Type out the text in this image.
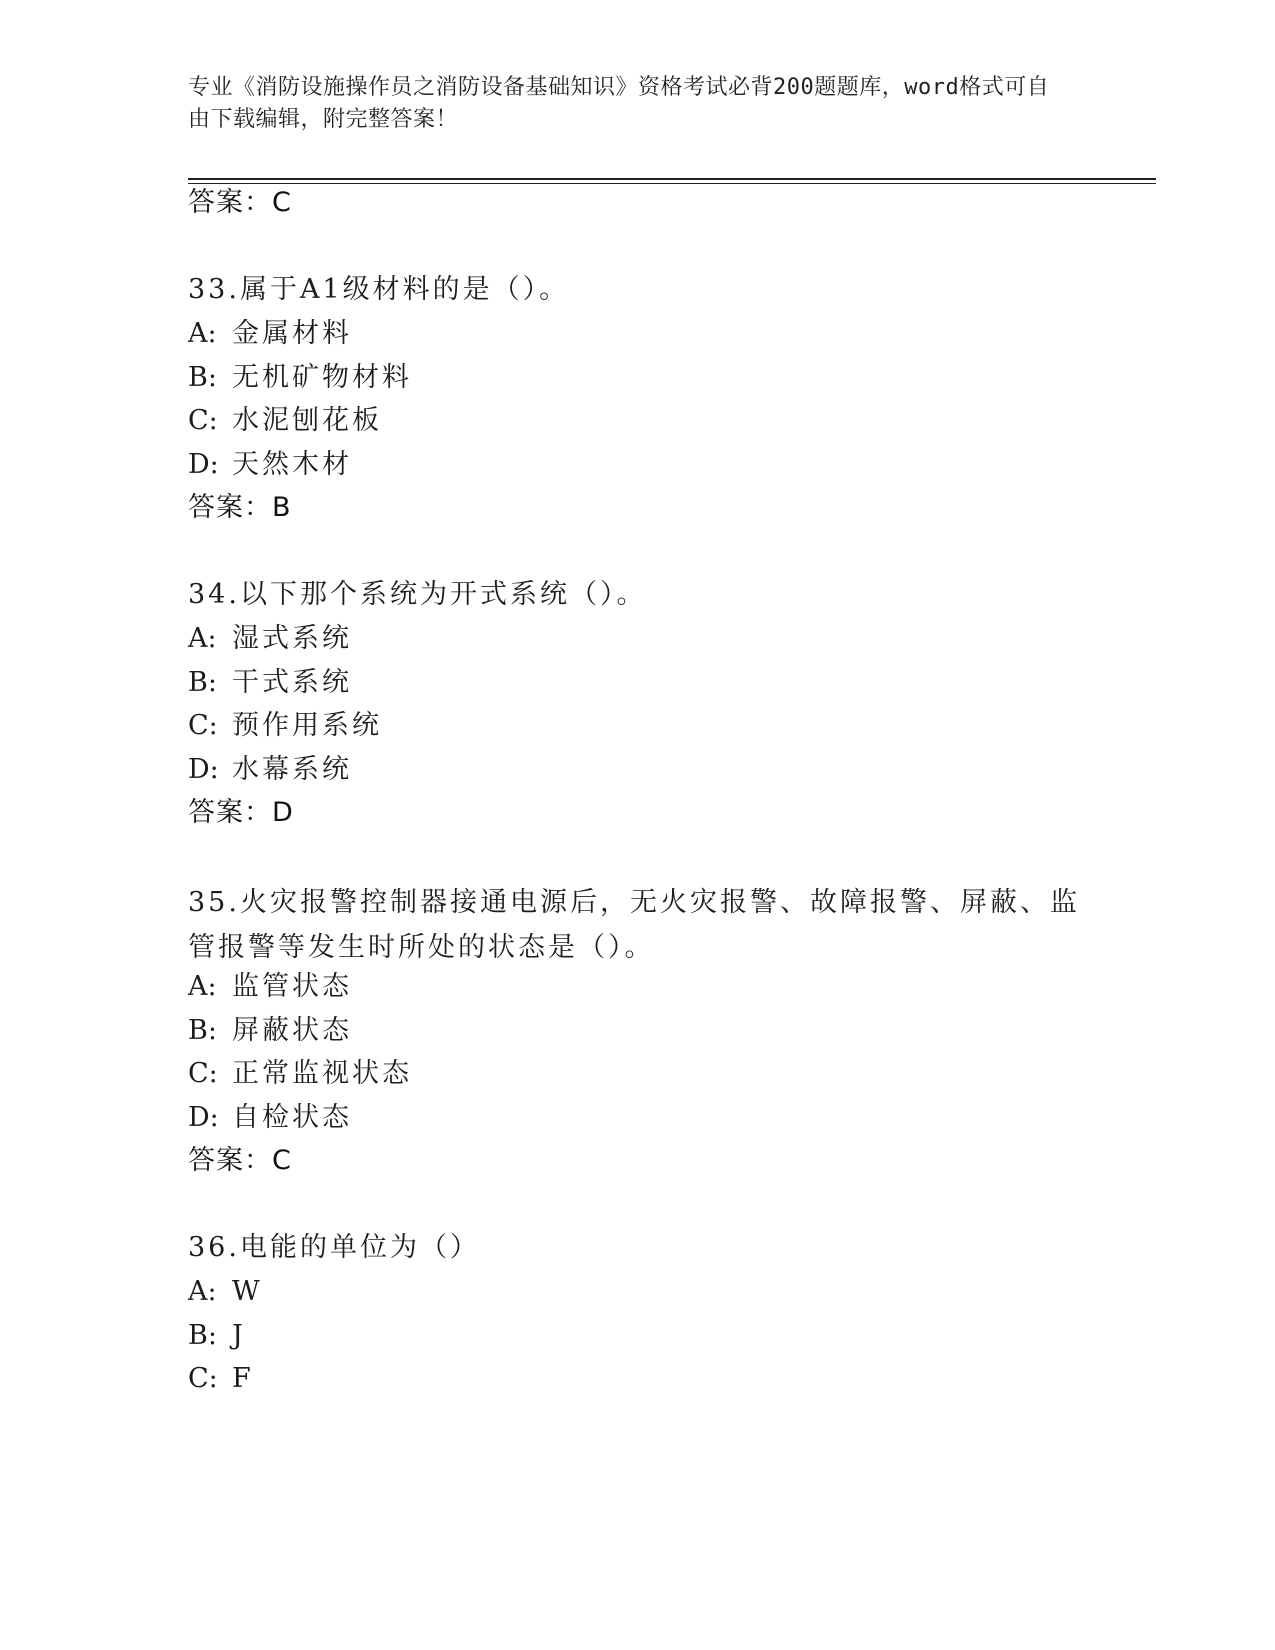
专业《消防设施操作员之消防设备基础知识》资格考试必背200题题库，word格式可自由下载编辑，附完整答案！
答案：C
33.属于A1级材料的是（）。
A: 金属材料
B: 无机矿物材料
C: 水泥刨花板
D: 天然木材
答案：B
34.以下那个系统为开式系统（）。
A: 湿式系统
B: 干式系统
C: 预作用系统
D: 水幕系统
答案：D
35.火灾报警控制器接通电源后，无火灾报警、故障报警、屏蔽、监管报警等发生时所处的状态是（）。
A: 监管状态
B: 屏蔽状态
C: 正常监视状态
D: 自检状态
答案：C
36.电能的单位为（）
A: W
B: J
C: F
